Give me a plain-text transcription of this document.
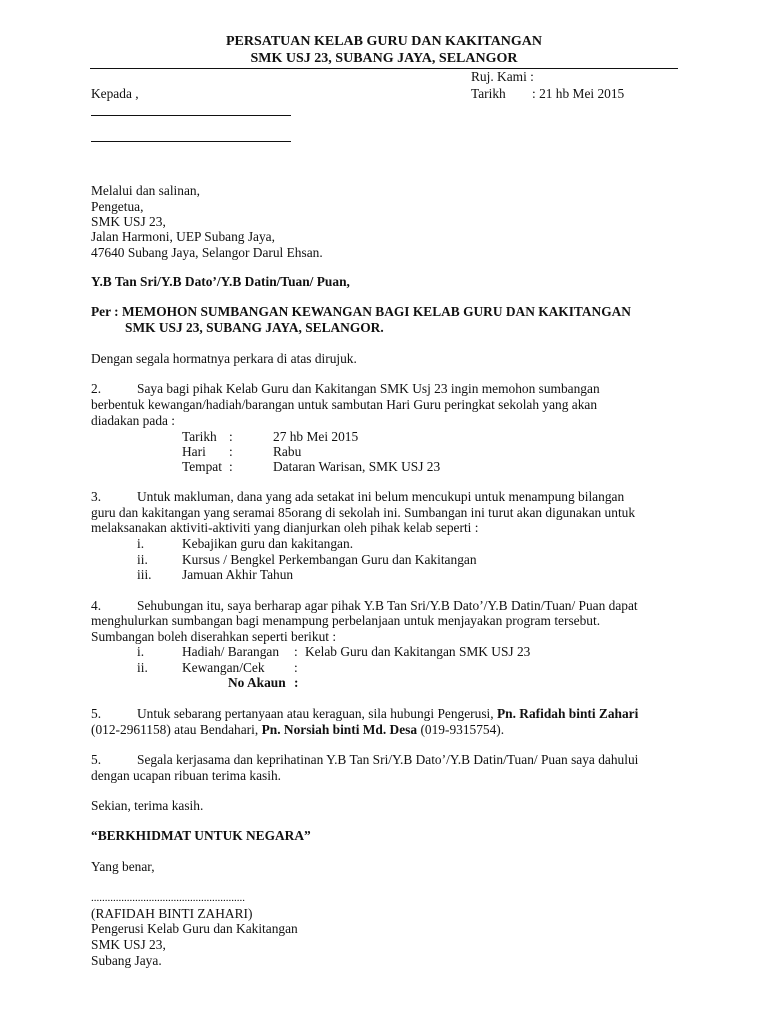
PERSATUAN KELAB GURU DAN KAKITANGAN
SMK USJ 23, SUBANG JAYA, SELANGOR
Ruj. Kami :
Kepada ,	Tarikh : 21 hb Mei 2015
Melalui dan salinan,
Pengetua,
SMK USJ 23,
Jalan Harmoni, UEP Subang Jaya,
47640 Subang Jaya, Selangor Darul Ehsan.
Y.B Tan Sri/Y.B Dato’/Y.B Datin/Tuan/ Puan,
Per : MEMOHON SUMBANGAN KEWANGAN BAGI KELAB GURU DAN KAKITANGAN
SMK USJ 23, SUBANG JAYA, SELANGOR.
Dengan segala hormatnya perkara di atas dirujuk.
2.	Saya bagi pihak Kelab Guru dan Kakitangan SMK Usj 23 ingin memohon sumbangan
berbentuk kewangan/hadiah/barangan untuk sambutan Hari Guru peringkat sekolah yang akan
diadakan pada :
Tarikh :	27 hb Mei 2015
Hari :	Rabu
Tempat :	Dataran Warisan, SMK USJ 23
3.	Untuk makluman, dana yang ada setakat ini belum mencukupi untuk menampung bilangan
guru dan kakitangan yang seramai 85orang di sekolah ini. Sumbangan ini turut akan digunakan untuk
melaksanakan aktiviti-aktiviti yang dianjurkan oleh pihak kelab seperti :
i.	Kebajikan guru dan kakitangan.
ii.	Kursus / Bengkel Perkembangan Guru dan Kakitangan
iii. Jamuan Akhir Tahun
4.	Sehubungan itu, saya berharap agar pihak Y.B Tan Sri/Y.B Dato’/Y.B Datin/Tuan/ Puan dapat
menghulurkan sumbangan bagi menampung perbelanjaan untuk menjayakan program tersebut.
Sumbangan boleh diserahkan seperti berikut :
i.	Hadiah/ Barangan : Kelab Guru dan Kakitangan SMK USJ 23
ii.	Kewangan/Cek :
No Akaun :
5.	Untuk sebarang pertanyaan atau keraguan, sila hubungi Pengerusi, Pn. Rafidah binti Zahari
(012-2961158) atau Bendahari, Pn. Norsiah binti Md. Desa (019-9315754).
5.	Segala kerjasama dan keprihatinan Y.B Tan Sri/Y.B Dato’/Y.B Datin/Tuan/ Puan saya dahului
dengan ucapan ribuan terima kasih.
Sekian, terima kasih.
“BERKHIDMAT UNTUK NEGARA”
Yang benar,
........................................................
(RAFIDAH BINTI ZAHARI)
Pengerusi Kelab Guru dan Kakitangan
SMK USJ 23,
Subang Jaya.
